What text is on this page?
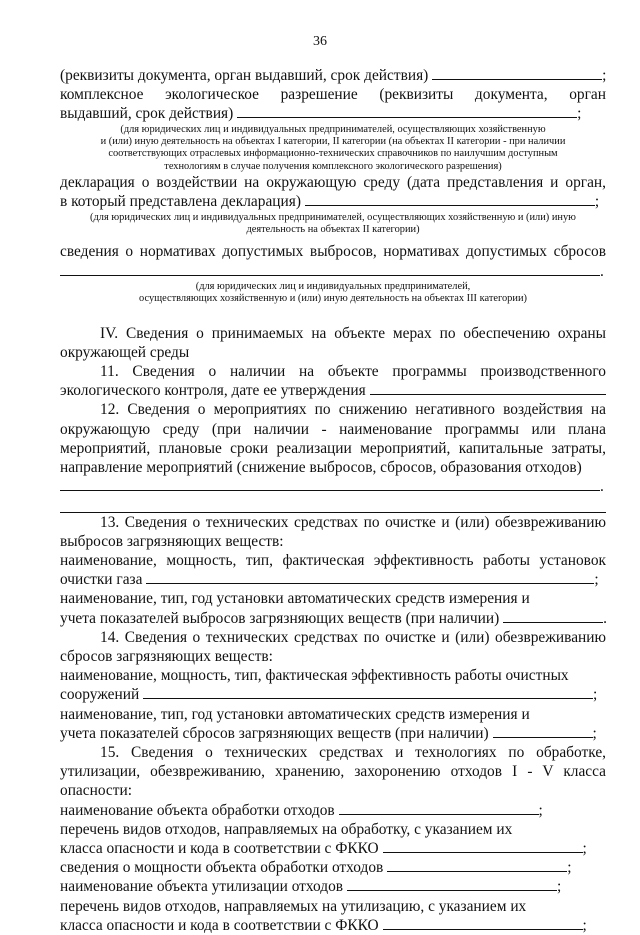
36
(реквизиты документа, орган выдавший, срок действия)	;
комплексное экологическое разрешение (реквизиты документа, орган
выдавший, срок действия)	;
(для юридических лиц и индивидуальных предпринимателей, осуществляющих хозяйственную
и (или) иную деятельность на объектах I категории, II категории (на объектах II категории - при наличии
соответствующих отраслевых информационно-технических справочников по наилучшим доступным
технологиям в случае получения комплексного экологического разрешения)
декларация о воздействии на окружающую среду (дата представления и орган,
в который представлена декларация)	;
(для юридических лиц и индивидуальных предпринимателей, осуществляющих хозяйственную и (или) иную
деятельность на объектах II категории)
сведения о нормативах допустимых выбросов, нормативах допустимых сбросов
.
(для юридических лиц и индивидуальных предпринимателей,
осуществляющих хозяйственную и (или) иную деятельность на объектах III категории)
IV. Сведения о принимаемых на объекте мерах по обеспечению охраны
окружающей среды
11. Сведения о наличии на объекте программы производственного
экологического контроля, дате ее утверждения
12. Сведения о мероприятиях по снижению негативного воздействия на
окружающую среду (при наличии - наименование программы или плана
мероприятий, плановые сроки реализации мероприятий, капитальные затраты,
направление мероприятий (снижение выбросов, сбросов, образования отходов)
.
13. Сведения о технических средствах по очистке и (или) обезвреживанию
выбросов загрязняющих веществ:
наименование, мощность, тип, фактическая эффективность работы установок
очистки газа	;
наименование, тип, год установки автоматических средств измерения и
учета показателей выбросов загрязняющих веществ (при наличии)	.
14. Сведения о технических средствах по очистке и (или) обезвреживанию
сбросов загрязняющих веществ:
наименование, мощность, тип, фактическая эффективность работы очистных
сооружений	;
наименование, тип, год установки автоматических средств измерения и
учета показателей сбросов загрязняющих веществ (при наличии)	;
15. Сведения о технических средствах и технологиях по обработке,
утилизации, обезвреживанию, хранению, захоронению отходов I - V класса
опасности:
наименование объекта обработки отходов	;
перечень видов отходов, направляемых на обработку, с указанием их
класса опасности и кода в соответствии с ФККО	;
сведения о мощности объекта обработки отходов	;
наименование объекта утилизации отходов	;
перечень видов отходов, направляемых на утилизацию, с указанием их
класса опасности и кода в соответствии с ФККО	;
